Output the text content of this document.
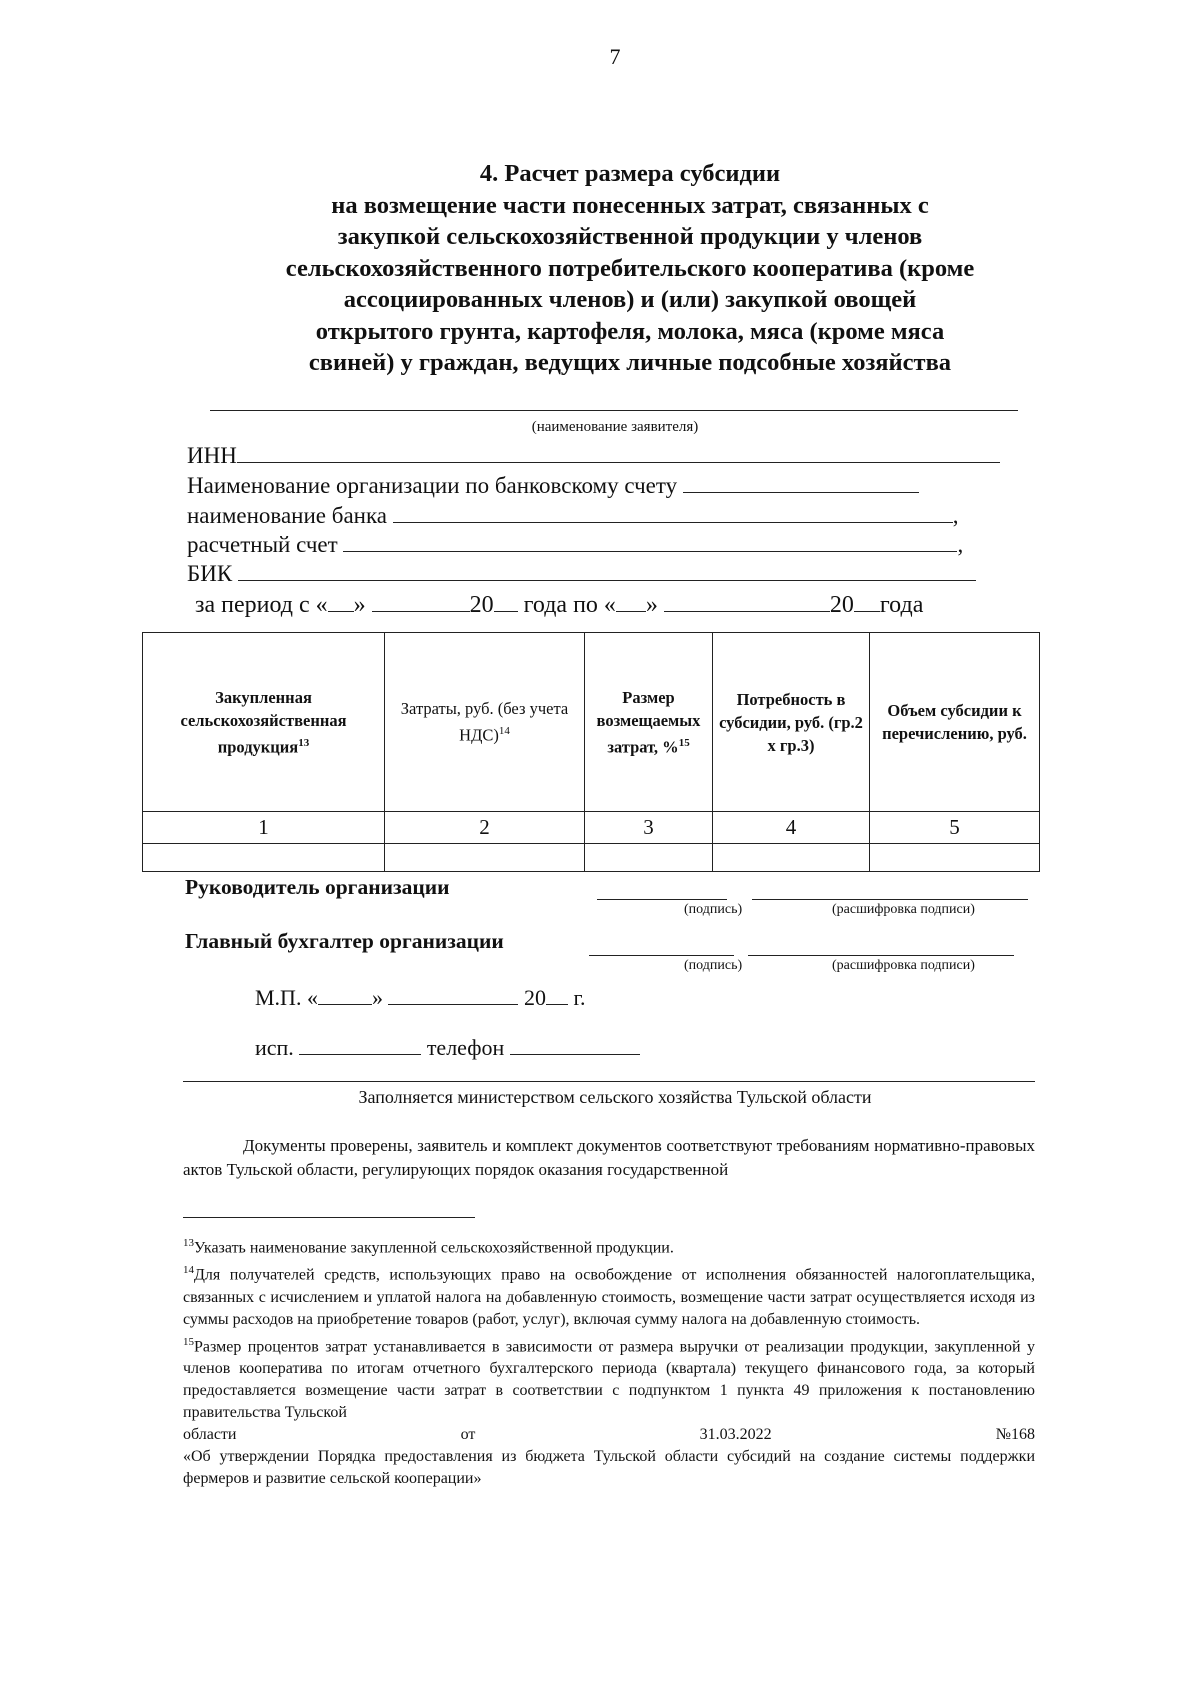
7
4. Расчет размера субсидии
на возмещение части понесенных затрат, связанных с
закупкой сельскохозяйственной продукции у членов
сельскохозяйственного потребительского кооператива (кроме
ассоциированных членов) и (или) закупкой овощей
открытого грунта, картофеля, молока, мяса (кроме мяса
свиней) у граждан, ведущих личные подсобные хозяйства
(наименование заявителя)
ИНН
Наименование организации по банковскому счету
наименование банка	,
расчетный счет	,
БИК
за период с « »	20 года по « »	20 года
Закупленная сельскохозяйственная продукция$^{13}$	Затраты, руб. (без учета НДС)$^{14}$	Размер возмещаемых затрат, %$^{15}$	Потребность в субсидии, руб. (гр.2 х гр.3)	Объем субсидии к перечислению, руб.
1	2	3	4	5

Руководитель организации
(подпись)	(расшифровка подписи)
Главный бухгалтер организации
(подпись)	(расшифровка подписи)
М.П. « »	20 г.
исп.	телефон
Заполняется министерством сельского хозяйства Тульской области
Документы проверены, заявитель и комплект документов соответствуют требованиям нормативно-правовых актов Тульской области, регулирующих порядок оказания государственной

$^{13}$Указать наименование закупленной сельскохозяйственной продукции.

$^{14}$Для получателей средств, использующих право на освобождение от исполнения обязанностей налогоплательщика, связанных с исчислением и уплатой налога на добавленную стоимость, возмещение части затрат осуществляется исходя из суммы расходов на приобретение товаров (работ, услуг), включая сумму налога на добавленную стоимость.

$^{15}$Размер процентов затрат устанавливается в зависимости от размера выручки от реализации продукции, закупленной у членов кооператива по итогам отчетного бухгалтерского периода (квартала) текущего финансового года, за который предоставляется возмещение части затрат в соответствии с подпунктом 1 пункта 49 приложения к постановлению правительства Тульской

области	от	31.03.2022	№168

«Об утверждении Порядка предоставления из бюджета Тульской области субсидий на создание системы поддержки фермеров и развитие сельской кооперации»
